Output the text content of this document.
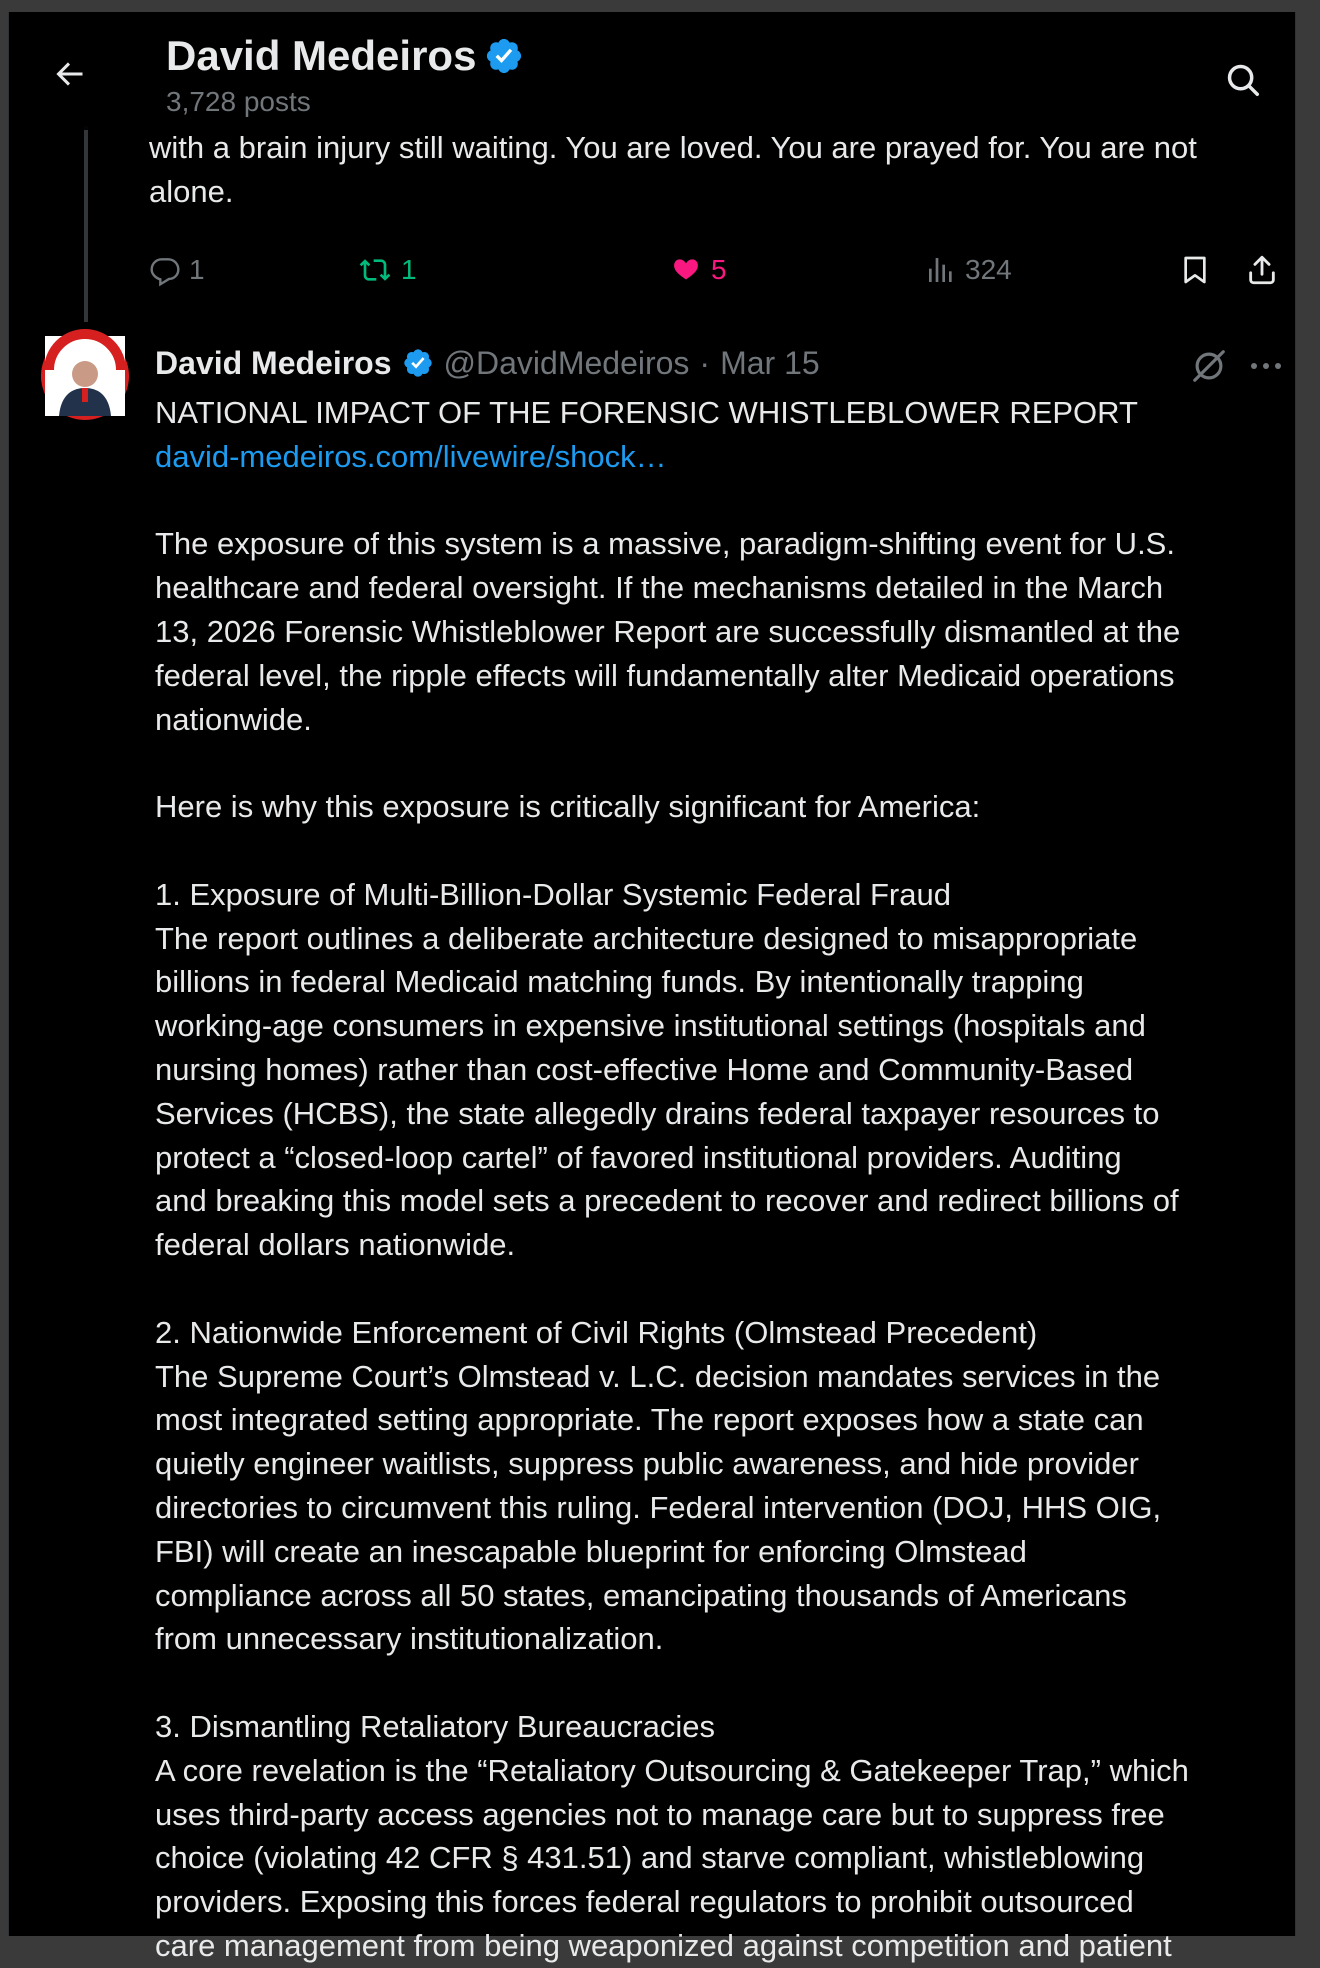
David Medeiros
3,728 posts
with a brain injury still waiting. You are loved. You are prayed for. You are not
alone.
1	1	5	324
David Medeiros @DavidMedeiros · Mar 15

NATIONAL IMPACT OF THE FORENSIC WHISTLEBLOWER REPORT

david-medeiros.com/livewire/shock…

The exposure of this system is a massive, paradigm-shifting event for U.S.

healthcare and federal oversight. If the mechanisms detailed in the March

13, 2026 Forensic Whistleblower Report are successfully dismantled at the

federal level, the ripple effects will fundamentally alter Medicaid operations

nationwide.

Here is why this exposure is critically significant for America:

1. Exposure of Multi-Billion-Dollar Systemic Federal Fraud

The report outlines a deliberate architecture designed to misappropriate

billions in federal Medicaid matching funds. By intentionally trapping

working-age consumers in expensive institutional settings (hospitals and

nursing homes) rather than cost-effective Home and Community-Based

Services (HCBS), the state allegedly drains federal taxpayer resources to

protect a “closed-loop cartel” of favored institutional providers. Auditing

and breaking this model sets a precedent to recover and redirect billions of

federal dollars nationwide.

2. Nationwide Enforcement of Civil Rights (Olmstead Precedent)

The Supreme Court’s Olmstead v. L.C. decision mandates services in the

most integrated setting appropriate. The report exposes how a state can

quietly engineer waitlists, suppress public awareness, and hide provider

directories to circumvent this ruling. Federal intervention (DOJ, HHS OIG,

FBI) will create an inescapable blueprint for enforcing Olmstead

compliance across all 50 states, emancipating thousands of Americans

from unnecessary institutionalization.

3. Dismantling Retaliatory Bureaucracies

A core revelation is the “Retaliatory Outsourcing & Gatekeeper Trap,” which

uses third-party access agencies not to manage care but to suppress free

choice (violating 42 CFR § 431.51) and starve compliant, whistleblowing

providers. Exposing this forces federal regulators to prohibit outsourced

care management from being weaponized against competition and patient
